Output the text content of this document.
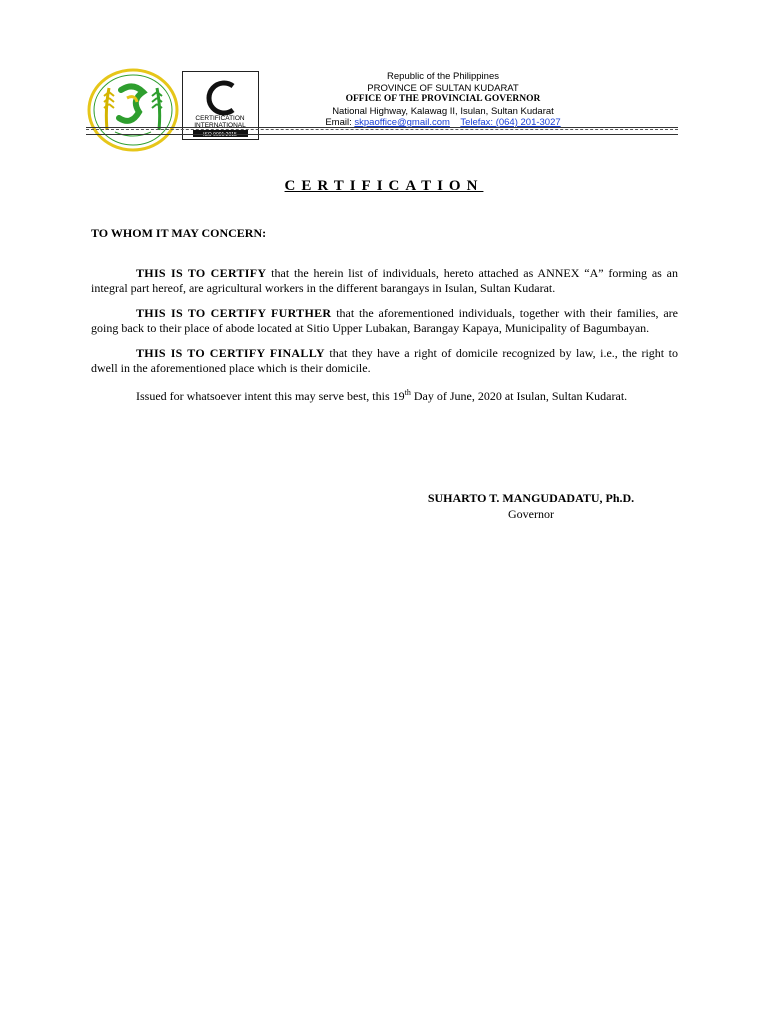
CERTIFICATION
INTERNATIONAL
ISO 9001:2015
Republic of the Philippines
PROVINCE OF SULTAN KUDARAT
OFFICE OF THE PROVINCIAL GOVERNOR
National Highway, Kalawag II, Isulan, Sultan Kudarat
Email: skpaoffice@gmail.com Telefax: (064) 201-3027
CERTIFICATION
TO WHOM IT MAY CONCERN:

THIS IS TO CERTIFY that the herein list of individuals, hereto attached as ANNEX “A” forming as an integral part hereof, are agricultural workers in the different barangays in Isulan, Sultan Kudarat.

THIS IS TO CERTIFY FURTHER that the aforementioned individuals, together with their families, are going back to their place of abode located at Sitio Upper Lubakan, Barangay Kapaya, Municipality of Bagumbayan.

THIS IS TO CERTIFY FINALLY that they have a right of domicile recognized by law, i.e., the right to dwell in the aforementioned place which is their domicile.

Issued for whatsoever intent this may serve best, this 19th Day of June, 2020 at Isulan, Sultan Kudarat.

SUHARTO T. MANGUDADATU, Ph.D.
Governor
